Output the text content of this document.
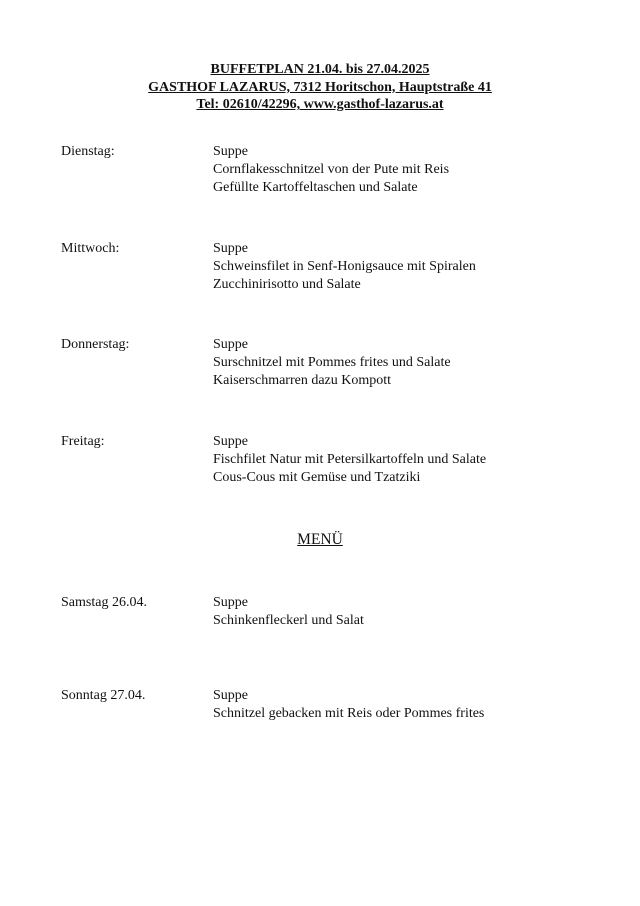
BUFFETPLAN 21.04. bis 27.04.2025
GASTHOF LAZARUS, 7312 Horitschon, Hauptstraße 41
Tel: 02610/42296, www.gasthof-lazarus.at
Dienstag:	Suppe
Cornflakesschnitzel von der Pute mit Reis
Gefüllte Kartoffeltaschen und Salate
Mittwoch:	Suppe
Schweinsfilet in Senf-Honigsauce mit Spiralen
Zucchinirisotto und Salate
Donnerstag:	Suppe
Surschnitzel mit Pommes frites und Salate
Kaiserschmarren dazu Kompott
Freitag:	Suppe
Fischfilet Natur mit Petersilkartoffeln und Salate
Cous-Cous mit Gemüse und Tzatziki
MENÜ
Samstag 26.04.	Suppe
Schinkenfleckerl und Salat
Sonntag 27.04.	Suppe
Schnitzel gebacken mit Reis oder Pommes frites
